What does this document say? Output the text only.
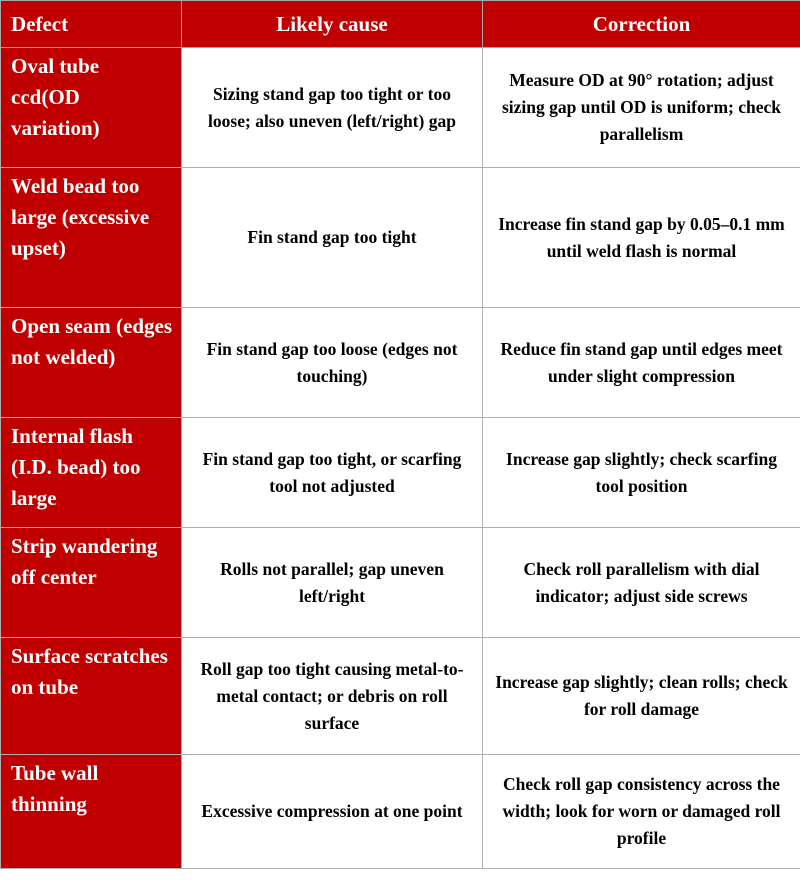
Defect	Likely cause	Correction
Oval tube ccd(OD variation)	Sizing stand gap too tight or too loose; also uneven (left/right) gap	Measure OD at 90° rotation; adjust sizing gap until OD is uniform; check parallelism
Weld bead too large (excessive upset)	Fin stand gap too tight	Increase fin stand gap by 0.05–0.1 mm until weld flash is normal
Open seam (edges not welded)	Fin stand gap too loose (edges not touching)	Reduce fin stand gap until edges meet under slight compression
Internal flash (I.D. bead) too large	Fin stand gap too tight, or scarfing tool not adjusted	Increase gap slightly; check scarfing tool position
Strip wandering off center	Rolls not parallel; gap uneven left/right	Check roll parallelism with dial indicator; adjust side screws
Surface scratches on tube	Roll gap too tight causing metal-to-metal contact; or debris on roll surface	Increase gap slightly; clean rolls; check for roll damage
Tube wall thinning	Excessive compression at one point	Check roll gap consistency across the width; look for worn or damaged roll profile
